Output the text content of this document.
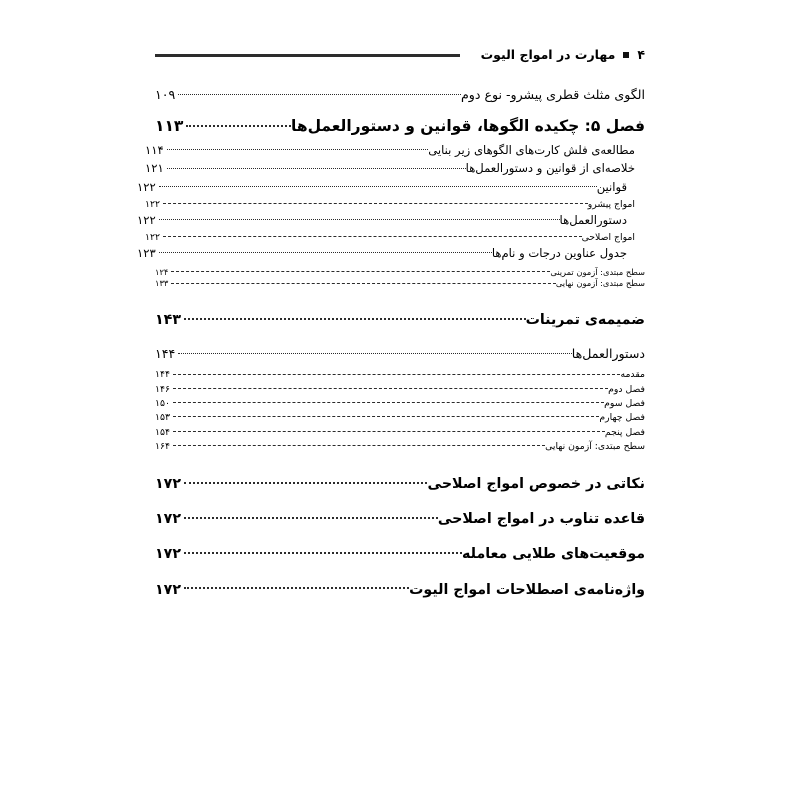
۴
مهارت در امواج الیوت
الگوی مثلث قطری پیشرو- نوع دوم
۱۰۹
فصل ۵: چکیده الگوها، قوانین و دستورالعمل‌ها
۱۱۳
مطالعه‌ی فلش کارت‌های الگوهای زیر بنایی
۱۱۴
خلاصه‌ای از قوانین و دستورالعمل‌ها
۱۲۱
قوانین
۱۲۲
امواج پیشرو
۱۲۲
دستورالعمل‌ها
۱۲۲
امواج اصلاحی
۱۲۲
جدول عناوین درجات و نام‌ها
۱۲۳
سطح مبتدی: آزمون تمرینی
۱۲۴
سطح مبتدی: آزمون نهایی
۱۳۳
ضمیمه‌ی تمرینات
۱۴۳
دستورالعمل‌ها
۱۴۴
مقدمه
۱۴۴
فصل دوم
۱۴۶
فصل سوم
۱۵۰
فصل چهارم
۱۵۳
فصل پنجم
۱۵۴
سطح مبتدی: آزمون نهایی
۱۶۴
نکاتی در خصوص امواج اصلاحی
۱۷۲
قاعده تناوب در امواج اصلاحی
۱۷۲
موقعیت‌های طلایی معامله
۱۷۲
واژه‌نامه‌ی اصطلاحات امواج الیوت
۱۷۲
